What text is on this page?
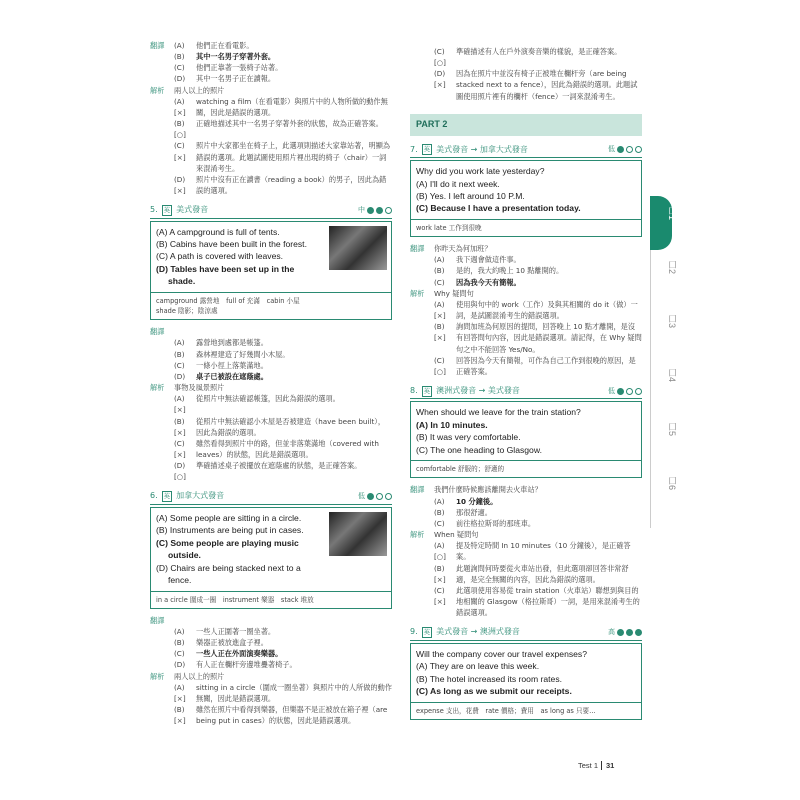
翻譯	(A)	他們正在看電影。
(B)	其中一名男子穿著外套。
(C)	他們正靠著一張椅子站著。
(D)	其中一名男子正在讀報。
解析	兩人以上的照片
(A) [×]
watching a film（在看電影）與照片中的人物所做的動作無關，因此是錯誤的選項。
(B) [○]
正確地描述其中一名男子穿著外套的狀態，故為正確答案。
(C) [×]
照片中大家都坐在椅子上，此選項則描述大家靠站著，明顯為錯誤的選項。此題試圖使用照片裡出現的椅子（chair）一詞來混淆考生。
(D) [×]
照片中沒有正在讀書（reading a book）的男子，因此為錯誤的選項。
5. 英 美式發音	中
(A) A campground is full of tents.
(B) Cabins have been built in the forest.
(C) A path is covered with leaves.
(D) Tables have been set up in the
shade.
campground 露營地　full of 充滿　cabin 小屋
shade 陰影；陰涼處
翻譯
(A)	露營地到處都是帳篷。
(B)	森林裡建造了好幾間小木屋。
(C)	一條小徑上落葉滿地。
(D)	桌子已被設在遮蔭處。
解析	事物及風景照片
(A) [×]
從照片中無法確認帳篷，因此為錯誤的選項。
(B) [×]
從照片中無法確認小木屋是否被建造（have been built），因此為錯誤的選項。
(C) [×]
雖然看得到照片中的路，但並非落葉滿地（covered with leaves）的狀態，因此是錯誤選項。
(D) [○]
準確描述桌子被擺放在遮蔭處的狀態，是正確答案。
6. 英 加拿大式發音	低
(A) Some people are sitting in a circle.
(B) Instruments are being put in cases.
(C) Some people are playing music
outside.
(D) Chairs are being stacked next to a
fence.
in a circle 圍成一圈　instrument 樂器　stack 堆放
翻譯
(A)	一些人正圍著一圈坐著。
(B)	樂器正被放進盒子裡。
(C)	一些人正在外面演奏樂器。
(D)	有人正在欄杆旁邊堆疊著椅子。
解析	兩人以上的照片
(A) [×]
sitting in a circle（圍成一圈坐著）與照片中的人所做的動作無關，因此是錯誤選項。
(B) [×]
雖然在照片中看得到樂器，但樂器不是正被放在箱子裡（are being put in cases）的狀態，因此是錯誤選項。
(C) [○]
準確描述有人在戶外演奏音樂的樣貌，是正確答案。
(D) [×]
因為在照片中並沒有椅子正被堆在欄杆旁（are being stacked next to a fence），因此為錯誤的選項。此題試圖使用照片裡有的欄杆（fence）一詞來混淆考生。
PART 2
7. 英 美式發音 → 加拿大式發音	低
Why did you work late yesterday?
(A) I'll do it next week.
(B) Yes. I left around 10 P.M.
(C) Because I have a presentation today.
work late 工作到很晚
翻譯	你昨天為何加班？
(A)	我下週會做這件事。
(B)	是的，我大約晚上 10 點離開的。
(C)	因為我今天有簡報。
解析	Why 疑問句
(A) [×]
使用與句中的 work（工作）及與其相關的 do it（做）一詞，是試圖混淆考生的錯誤選項。
(B) [×]
詢問加班為何原因的提問，回答晚上 10 點才離開，是沒有回答問句內容，因此是錯誤選項。請記得，在 Why 疑問句之中不能回答 Yes/No。
(C) [○]
回答因為今天有簡報，可作為自己工作到很晚的原因，是正確答案。
8. 英 澳洲式發音 → 美式發音	低
When should we leave for the train station?
(A) In 10 minutes.
(B) It was very comfortable.
(C) The one heading to Glasgow.
comfortable 舒服的；舒適的
翻譯	我們什麼時候應該離開去火車站？
(A)	10 分鐘後。
(B)	那很舒適。
(C)	前往格拉斯哥的那班車。
解析	When 疑問句
(A) [○]
提及特定時間 In 10 minutes（10 分鐘後），是正確答案。
(B) [×]
此題詢問何時要從火車站出發，但此選項卻回答非常舒適，是完全無關的內容，因此為錯誤的選項。
(C) [×]
此選項使用容易從 train station（火車站）聯想到與目的地相關的 Glasgow（格拉斯哥）一詞，是用來混淆考生的錯誤選項。
9. 英 美式發音 → 澳洲式發音	高
Will the company cover our travel expenses?
(A) They are on leave this week.
(B) The hotel increased its room rates.
(C) As long as we submit our receipts.
expense 支出，花費　rate 價格；費用　as long as 只要…
口1
口2
口3
口4
口5
口6
Test 1 31
